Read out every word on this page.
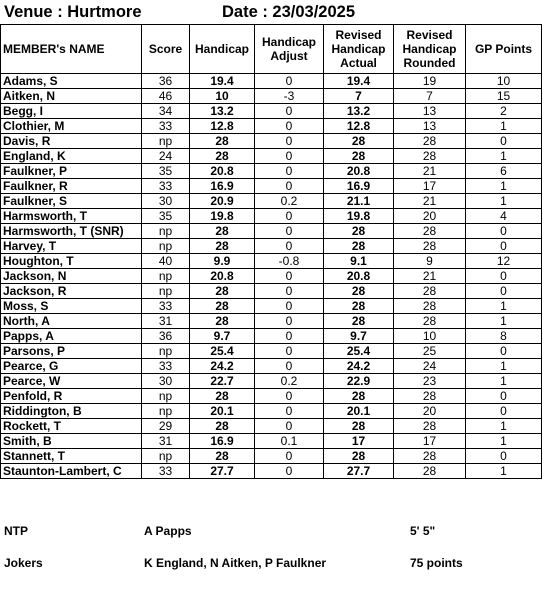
Venue : Hurtmore	Date : 23/03/2025
MEMBER's NAME	Score	Handicap	Handicap Adjust	Revised Handicap Actual	Revised Handicap Rounded	GP Points
Adams, S	36	19.4	0	19.4	19	10
Aitken, N	46	10	-3	7	7	15
Begg, I	34	13.2	0	13.2	13	2
Clothier, M	33	12.8	0	12.8	13	1
Davis, R	np	28	0	28	28	0
England, K	24	28	0	28	28	1
Faulkner, P	35	20.8	0	20.8	21	6
Faulkner, R	33	16.9	0	16.9	17	1
Faulkner, S	30	20.9	0.2	21.1	21	1
Harmsworth, T	35	19.8	0	19.8	20	4
Harmsworth, T (SNR)	np	28	0	28	28	0
Harvey, T	np	28	0	28	28	0
Houghton, T	40	9.9	-0.8	9.1	9	12
Jackson, N	np	20.8	0	20.8	21	0
Jackson, R	np	28	0	28	28	0
Moss, S	33	28	0	28	28	1
North, A	31	28	0	28	28	1
Papps, A	36	9.7	0	9.7	10	8
Parsons, P	np	25.4	0	25.4	25	0
Pearce, G	33	24.2	0	24.2	24	1
Pearce, W	30	22.7	0.2	22.9	23	1
Penfold, R	np	28	0	28	28	0
Riddington, B	np	20.1	0	20.1	20	0
Rockett, T	29	28	0	28	28	1
Smith, B	31	16.9	0.1	17	17	1
Stannett, T	np	28	0	28	28	0
Staunton-Lambert, C	33	27.7	0	27.7	28	1
NTP	A Papps	5' 5"
Jokers	K England, N Aitken, P Faulkner	75 points
